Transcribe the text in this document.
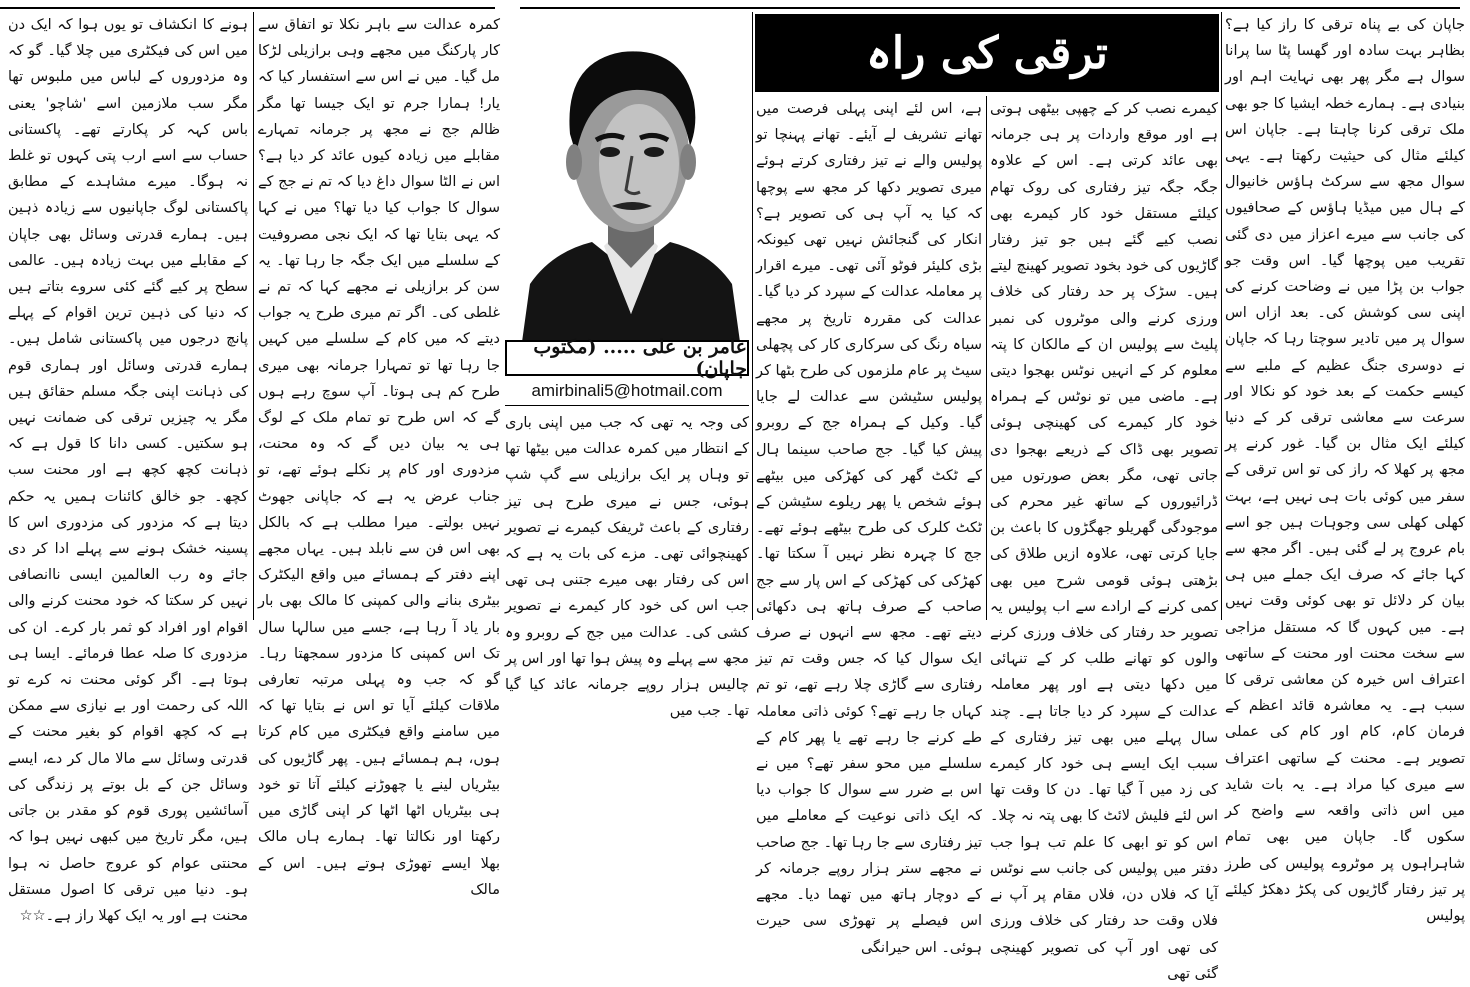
جاپان کی بے پناہ ترقی کا راز کیا ہے؟ بظاہر بہت سادہ اور گھسا پٹا سا پرانا سوال ہے مگر پھر بھی نہایت اہم اور بنیادی ہے۔ ہمارے خطہ ایشیا کا جو بھی ملک ترقی کرنا چاہتا ہے۔ جاپان اس کیلئے مثال کی حیثیت رکھتا ہے۔ یہی سوال مجھ سے سرکٹ ہاؤس خانیوال کے ہال میں میڈیا ہاؤس کے صحافیوں کی جانب سے میرے اعزاز میں دی گئی تقریب میں پوچھا گیا۔ اس وقت جو جواب بن پڑا میں نے وضاحت کرنے کی اپنی سی کوشش کی۔ بعد ازاں اس سوال پر میں تادیر سوچتا رہا کہ جاپان نے دوسری جنگ عظیم کے ملبے سے کیسے حکمت کے بعد خود کو نکالا اور سرعت سے معاشی ترقی کر کے دنیا کیلئے ایک مثال بن گیا۔ غور کرنے پر مجھ پر کھلا کہ راز کی تو اس ترقی کے سفر میں کوئی بات ہی نہیں ہے، بہت کھلی کھلی سی وجوہات ہیں جو اسے بام عروج پر لے گئی ہیں۔ اگر مجھ سے کہا جائے کہ صرف ایک جملے میں ہی بیان کر دلائل تو بھی کوئی وقت نہیں ہے۔ میں کہوں گا کہ مستقل مزاجی سے سخت محنت اور محنت کے ساتھی اعتراف اس خیرہ کن معاشی ترقی کا سبب ہے۔ یہ معاشرہ قائد اعظم کے فرمان کام، کام اور کام کی عملی تصویر ہے۔ محنت کے ساتھی اعتراف سے میری کیا مراد ہے۔ یہ بات شاید میں اس ذاتی واقعہ سے واضح کر سکوں گا۔ جاپان میں بھی تمام شاہراہوں پر موٹروے پولیس کی طرز پر تیز رفتار گاڑیوں کی پکڑ دھکڑ کیلئے پولیس

ترقی کی راہ

کیمرے نصب کر کے چھپی بیٹھی ہوتی ہے اور موقع واردات پر ہی جرمانہ بھی عائد کرتی ہے۔ اس کے علاوہ جگہ جگہ تیز رفتاری کی روک تھام کیلئے مستقل خود کار کیمرے بھی نصب کیے گئے ہیں جو تیز رفتار گاڑیوں کی خود بخود تصویر کھینچ لیتے ہیں۔ سڑک پر حد رفتار کی خلاف ورزی کرنے والی موٹروں کی نمبر پلیٹ سے پولیس ان کے مالکان کا پتہ معلوم کر کے انہیں نوٹس بھجوا دیتی ہے۔ ماضی میں تو نوٹس کے ہمراہ خود کار کیمرے کی کھینچی ہوئی تصویر بھی ڈاک کے ذریعے بھجوا دی جاتی تھی، مگر بعض صورتوں میں ڈرائیوروں کے ساتھ غیر محرم کی موجودگی گھریلو جھگڑوں کا باعث بن جایا کرتی تھی، علاوہ ازیں طلاق کی بڑھتی ہوئی قومی شرح میں بھی کمی کرنے کے ارادے سے اب پولیس یہ تصویر حد رفتار کی خلاف ورزی کرنے والوں کو تھانے طلب کر کے تنہائی میں دکھا دیتی ہے اور پھر معاملہ عدالت کے سپرد کر دیا جاتا ہے۔ چند سال پہلے میں بھی تیز رفتاری کے سبب ایک ایسے ہی خود کار کیمرے کی زد میں آ گیا تھا۔ دن کا وقت تھا اس لئے فلیش لائٹ کا بھی پتہ نہ چلا۔ اس کو تو ابھی کا علم تب ہوا جب دفتر میں پولیس کی جانب سے نوٹس آیا کہ فلاں دن، فلاں مقام پر آپ نے فلاں وقت حد رفتار کی خلاف ورزی کی تھی اور آپ کی تصویر کھینچی گئی تھی

ہے، اس لئے اپنی پہلی فرصت میں تھانے تشریف لے آیئے۔ تھانے پہنچا تو پولیس والے نے تیز رفتاری کرتے ہوئے میری تصویر دکھا کر مجھ سے پوچھا کہ کیا یہ آپ ہی کی تصویر ہے؟ انکار کی گنجائش نہیں تھی کیونکہ بڑی کلیئر فوٹو آئی تھی۔ میرے اقرار پر معاملہ عدالت کے سپرد کر دیا گیا۔ عدالت کی مقررہ تاریخ پر مجھے سیاہ رنگ کی سرکاری کار کی پچھلی سیٹ پر عام ملزموں کی طرح بٹھا کر پولیس سٹیشن سے عدالت لے جایا گیا۔ وکیل کے ہمراہ جج کے روبرو پیش کیا گیا۔ جج صاحب سینما ہال کے ٹکٹ گھر کی کھڑکی میں بیٹھے ہوئے شخص یا پھر ریلوے سٹیشن کے ٹکٹ کلرک کی طرح بیٹھے ہوئے تھے۔ جج کا چہرہ نظر نہیں آ سکتا تھا۔ کھڑکی کی کھڑکی کے اس پار سے جج صاحب کے صرف ہاتھ ہی دکھائی دیتے تھے۔ مجھ سے انہوں نے صرف ایک سوال کیا کہ جس وقت تم تیز رفتاری سے گاڑی چلا رہے تھے، تو تم کہاں جا رہے تھے؟ کوئی ذاتی معاملہ طے کرنے جا رہے تھے یا پھر کام کے سلسلے میں محو سفر تھے؟ میں نے اس بے ضرر سے سوال کا جواب دیا کہ ایک ذاتی نوعیت کے معاملے میں تیز رفتاری سے جا رہا تھا۔ جج صاحب نے مجھے ستر ہزار روپے جرمانہ کر کے دوچار ہاتھ میں تھما دیا۔ مجھے اس فیصلے پر تھوڑی سی حیرت ہوئی۔ اس حیرانگی

عامر بن علی ..... (مکتوب جاپان)
amirbinali5@hotmail.com

کی وجہ یہ تھی کہ جب میں اپنی باری کے انتظار میں کمرہ عدالت میں بیٹھا تھا تو وہاں پر ایک برازیلی سے گپ شپ ہوئی، جس نے میری طرح ہی تیز رفتاری کے باعث ٹریفک کیمرے نے تصویر کھینچوائی تھی۔ مزے کی بات یہ ہے کہ اس کی رفتار بھی میرے جتنی ہی تھی جب اس کی خود کار کیمرے نے تصویر کشی کی۔ عدالت میں جج کے روبرو وہ مجھ سے پہلے وہ پیش ہوا تھا اور اس پر چالیس ہزار روپے جرمانہ عائد کیا گیا تھا۔ جب میں

کمرہ عدالت سے باہر نکلا تو اتفاق سے کار پارکنگ میں مجھے وہی برازیلی لڑکا مل گیا۔ میں نے اس سے استفسار کیا کہ یار! ہمارا جرم تو ایک جیسا تھا مگر ظالم جج نے مجھ پر جرمانہ تمہارے مقابلے میں زیادہ کیوں عائد کر دیا ہے؟ اس نے الٹا سوال داغ دیا کہ تم نے جج کے سوال کا جواب کیا دیا تھا؟ میں نے کہا کہ یہی بتایا تھا کہ ایک نجی مصروفیت کے سلسلے میں ایک جگہ جا رہا تھا۔ یہ سن کر برازیلی نے مجھے کہا کہ تم نے غلطی کی۔ اگر تم میری طرح یہ جواب دیتے کہ میں کام کے سلسلے میں کہیں جا رہا تھا تو تمہارا جرمانہ بھی میری طرح کم ہی ہوتا۔ آپ سوچ رہے ہوں گے کہ اس طرح تو تمام ملک کے لوگ ہی یہ بیان دیں گے کہ وہ محنت، مزدوری اور کام پر نکلے ہوئے تھے، تو جناب عرض یہ ہے کہ جاپانی جھوٹ نہیں بولتے۔ میرا مطلب ہے کہ بالکل بھی اس فن سے نابلد ہیں۔ یہاں مجھے اپنے دفتر کے ہمسائے میں واقع الیکٹرک بیٹری بنانے والی کمپنی کا مالک بھی بار بار یاد آ رہا ہے، جسے میں سالہا سال تک اس کمپنی کا مزدور سمجھتا رہا۔ گو کہ جب وہ پہلی مرتبہ تعارفی ملاقات کیلئے آیا تو اس نے بتایا تھا کہ میں سامنے واقع فیکٹری میں کام کرتا ہوں، ہم ہمسائے ہیں۔ پھر گاڑیوں کی بیٹریاں لینے یا چھوڑنے کیلئے آتا تو خود ہی بیٹریاں اٹھا اٹھا کر اپنی گاڑی میں رکھتا اور نکالتا تھا۔ ہمارے ہاں مالک بھلا ایسے تھوڑی ہوتے ہیں۔ اس کے مالک

ہونے کا انکشاف تو یوں ہوا کہ ایک دن میں اس کی فیکٹری میں چلا گیا۔ گو کہ وہ مزدوروں کے لباس میں ملبوس تھا مگر سب ملازمین اسے 'شاچو' یعنی باس کہہ کر پکارتے تھے۔ پاکستانی حساب سے اسے ارب پتی کہوں تو غلط نہ ہوگا۔ میرے مشاہدے کے مطابق پاکستانی لوگ جاپانیوں سے زیادہ ذہین ہیں۔ ہمارے قدرتی وسائل بھی جاپان کے مقابلے میں بہت زیادہ ہیں۔ عالمی سطح پر کیے گئے کئی سروے بتاتے ہیں کہ دنیا کی ذہین ترین اقوام کے پہلے پانچ درجوں میں پاکستانی شامل ہیں۔ ہمارے قدرتی وسائل اور ہماری قوم کی ذہانت اپنی جگہ مسلم حقائق ہیں مگر یہ چیزیں ترقی کی ضمانت نہیں ہو سکتیں۔ کسی دانا کا قول ہے کہ ذہانت کچھ کچھ ہے اور محنت سب کچھ۔ جو خالق کائنات ہمیں یہ حکم دیتا ہے کہ مزدور کی مزدوری اس کا پسینہ خشک ہونے سے پہلے ادا کر دی جائے وہ رب العالمین ایسی ناانصافی نہیں کر سکتا کہ خود محنت کرنے والی اقوام اور افراد کو ثمر بار کرے۔ ان کی مزدوری کا صلہ عطا فرمائے۔ ایسا ہی ہوتا ہے۔ اگر کوئی محنت نہ کرے تو اللہ کی رحمت اور بے نیازی سے ممکن ہے کہ کچھ اقوام کو بغیر محنت کے قدرتی وسائل سے مالا مال کر دے، ایسے وسائل جن کے بل بوتے پر زندگی کی آسائشیں پوری قوم کو مقدر بن جاتی ہیں، مگر تاریخ میں کبھی نہیں ہوا کہ محنتی عوام کو عروج حاصل نہ ہوا ہو۔ دنیا میں ترقی کا اصول مستقل محنت ہے اور یہ ایک کھلا راز ہے۔☆☆
